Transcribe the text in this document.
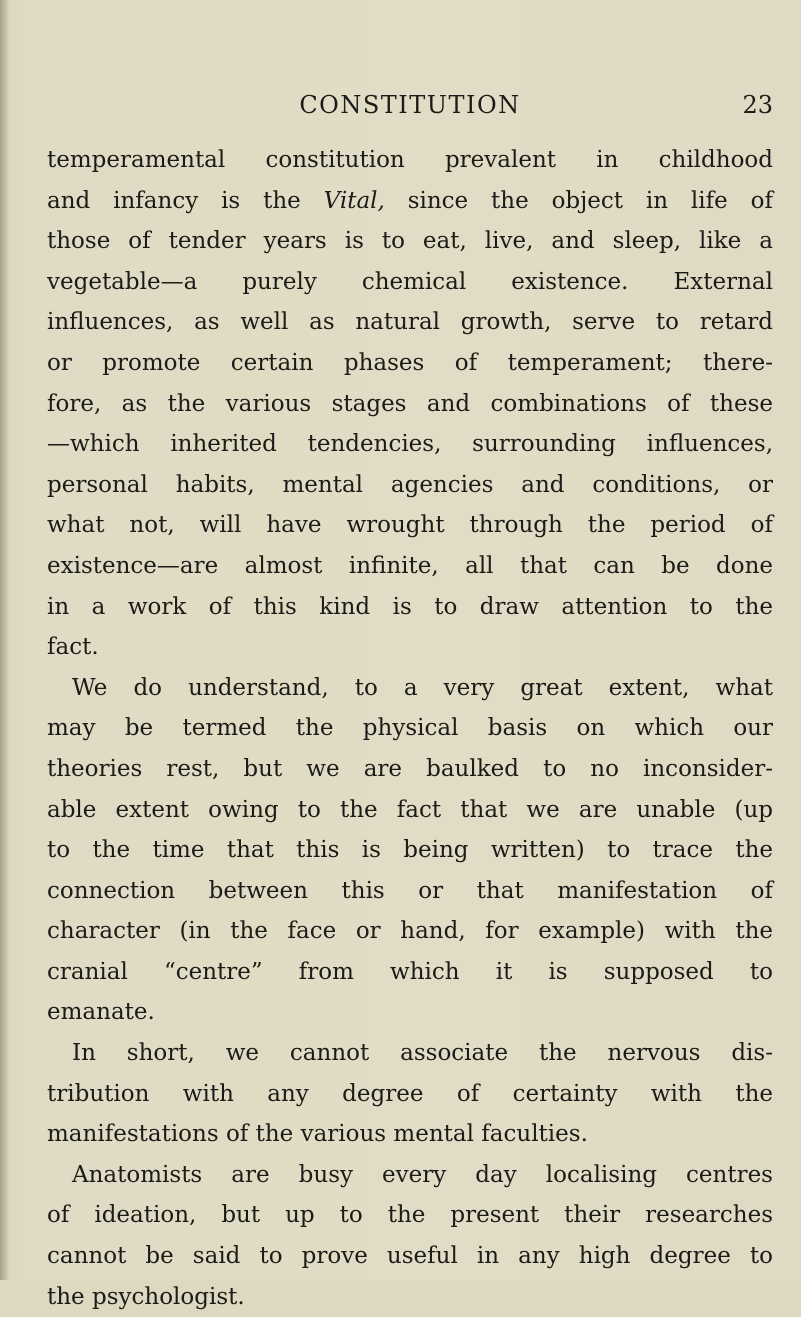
CONSTITUTION	23
temperamental constitution prevalent in childhood
and infancy is the Vital, since the object in life of
those of tender years is to eat, live, and sleep, like a
vegetable—a purely chemical existence. External
influences, as well as natural growth, serve to retard
or promote certain phases of temperament; there-
fore, as the various stages and combinations of these
—which inherited tendencies, surrounding influences,
personal habits, mental agencies and conditions, or
what not, will have wrought through the period of
existence—are almost infinite, all that can be done
in a work of this kind is to draw attention to the
fact.
We do understand, to a very great extent, what
may be termed the physical basis on which our
theories rest, but we are baulked to no inconsider-
able extent owing to the fact that we are unable (up
to the time that this is being written) to trace the
connection between this or that manifestation of
character (in the face or hand, for example) with the
cranial “centre” from which it is supposed to
emanate.
In short, we cannot associate the nervous dis-
tribution with any degree of certainty with the
manifestations of the various mental faculties.
Anatomists are busy every day localising centres
of ideation, but up to the present their researches
cannot be said to prove useful in any high degree to
the psychologist.
